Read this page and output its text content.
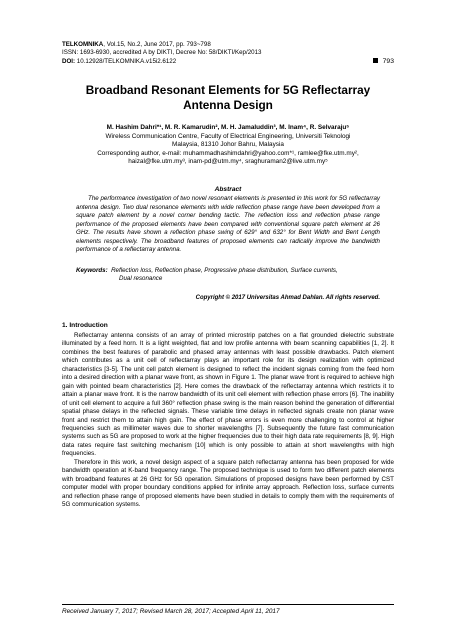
TELKOMNIKA, Vol.15, No.2, June 2017, pp. 793~798
ISSN: 1693-6930, accredited A by DIKTI, Decree No: 58/DIKTI/Kep/2013
DOI: 10.12928/TELKOMNIKA.v15i2.6122	793
Broadband Resonant Elements for 5G Reflectarray
Antenna Design
M. Hashim Dahri*¹, M. R. Kamarudin², M. H. Jamaluddin³, M. Inam⁴, R. Selvaraju⁵
Wireless Communication Centre, Faculty of Electrical Engineering, Universiti Teknologi
Malaysia, 81310 Johor Bahru, Malaysia
Corresponding author, e-mail: muhammadhashimdahri@yahoo.com*¹, ramlee@fke.utm.my²,
haizal@fke.utm.my³, inam-pd@utm.my⁴, sraghuraman2@live.utm.my⁵
Abstract
The performance investigation of two novel resonant elements is presented in this work for 5G reflectarray antenna design. Two dual resonance elements with wide reflection phase range have been developed from a square patch element by a novel corner bending tactic. The reflection loss and reflection phase range performance of the proposed elements have been compared with conventional square patch element at 26 GHz. The results have shown a reflection phase swing of 629° and 632° for Bent Width and Bent Length elements respectively. The broadband features of proposed elements can radically improve the bandwidth performance of a reflectarray antenna.
Keywords: Reflection loss, Reflection phase, Progressive phase distribution, Surface currents,
Dual resonance
Copyright © 2017 Universitas Ahmad Dahlan. All rights reserved.
1. Introduction

Reflectarray antenna consists of an array of printed microstrip patches on a flat grounded dielectric substrate illuminated by a feed horn. It is a light weighted, flat and low profile antenna with beam scanning capabilities [1, 2]. It combines the best features of parabolic and phased array antennas with least possible drawbacks. Patch element which contributes as a unit cell of reflectarray plays an important role for its design realization with optimized characteristics [3-5]. The unit cell patch element is designed to reflect the incident signals coming from the feed horn into a desired direction with a planar wave front, as shown in Figure 1. The planar wave front is required to achieve high gain with pointed beam characteristics [2]. Here comes the drawback of the reflectarray antenna which restricts it to attain a planar wave front. It is the narrow bandwidth of its unit cell element with reflection phase errors [6]. The inability of unit cell element to acquire a full 360° reflection phase swing is the main reason behind the generation of differential spatial phase delays in the reflected signals. These variable time delays in reflected signals create non planar wave front and restrict them to attain high gain. The effect of phase errors is even more challenging to control at higher frequencies such as millimeter waves due to shorter wavelengths [7]. Subsequently the future fast communication systems such as 5G are proposed to work at the higher frequencies due to their high data rate requirements [8, 9]. High data rates require fast switching mechanism [10] which is only possible to attain at short wavelengths with high frequencies.

Therefore in this work, a novel design aspect of a square patch reflectarray antenna has been proposed for wide bandwidth operation at K-band frequency range. The proposed technique is used to form two different patch elements with broadband features at 26 GHz for 5G operation. Simulations of proposed designs have been performed by CST computer model with proper boundary conditions applied for infinite array approach. Reflection loss, surface currents and reflection phase range of proposed elements have been studied in details to comply them with the requirements of 5G communication systems.

Received January 7, 2017; Revised March 28, 2017; Accepted April 11, 2017
